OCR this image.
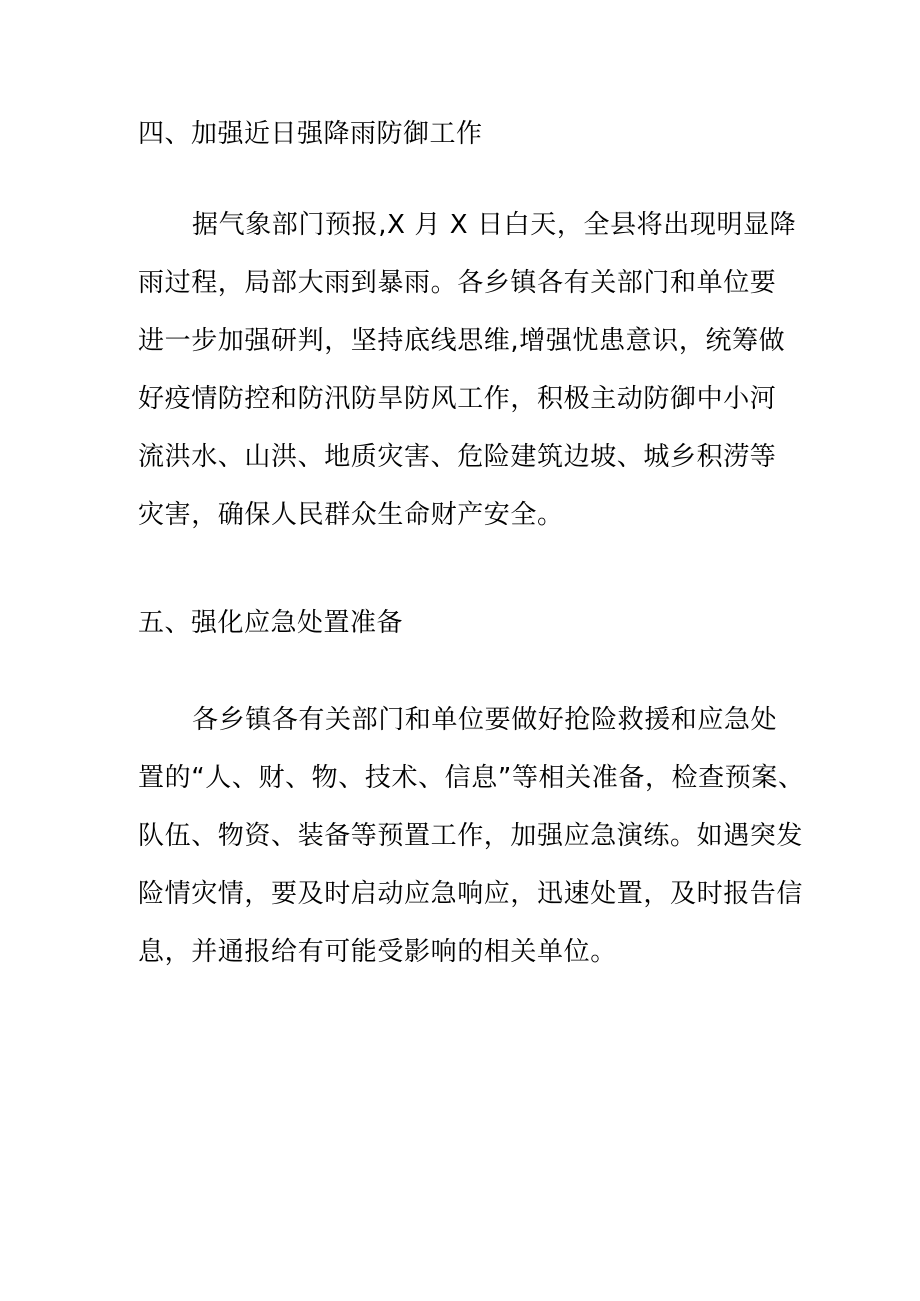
四、加强近日强降雨防御工作
据气象部门预报,X 月 X 日白天，全县将出现明显降
雨过程，局部大雨到暴雨。各乡镇各有关部门和单位要
进一步加强研判，坚持底线思维,增强忧患意识，统筹做
好疫情防控和防汛防旱防风工作，积极主动防御中小河
流洪水、山洪、地质灾害、危险建筑边坡、城乡积涝等
灾害，确保人民群众生命财产安全。
五、强化应急处置准备
各乡镇各有关部门和单位要做好抢险救援和应急处
置的“人、财、物、技术、信息”等相关准备，检查预案、
队伍、物资、装备等预置工作，加强应急演练。如遇突发
险情灾情，要及时启动应急响应，迅速处置，及时报告信
息，并通报给有可能受影响的相关单位。
